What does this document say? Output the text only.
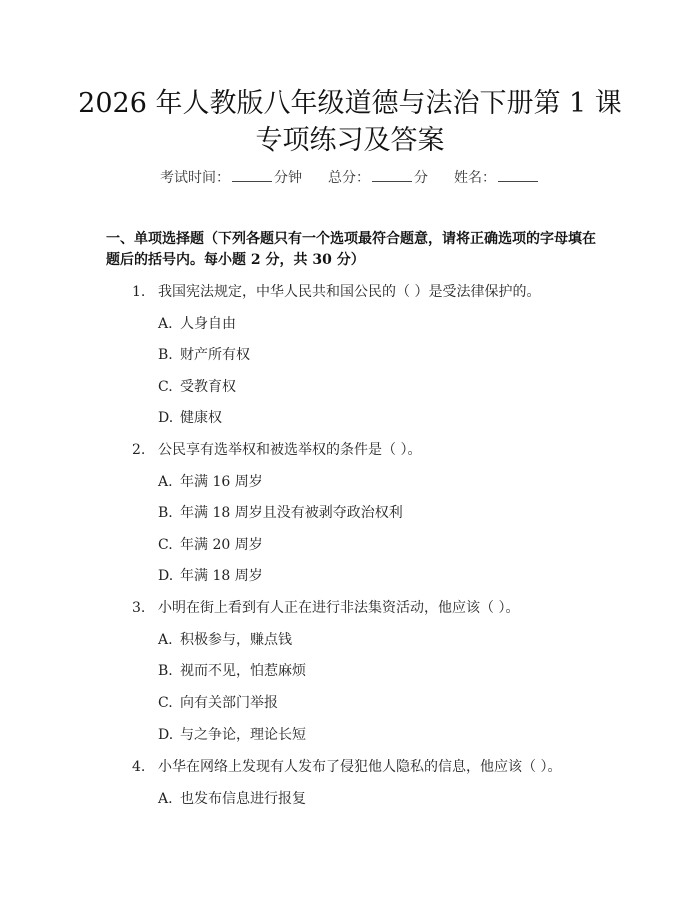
2026 年人教版八年级道德与法治下册第 1 课
专项练习及答案
考试时间：	分钟 总分：	分 姓名：
一、单项选择题（下列各题只有一个选项最符合题意，请将正确选项的字母填在
题后的括号内。每小题 2 分，共 30 分）
1. 我国宪法规定，中华人民共和国公民的（ ）是受法律保护的。
A. 人身自由
B. 财产所有权
C. 受教育权
D. 健康权
2. 公民享有选举权和被选举权的条件是（ ）。
A. 年满 16 周岁
B. 年满 18 周岁且没有被剥夺政治权利
C. 年满 20 周岁
D. 年满 18 周岁
3. 小明在街上看到有人正在进行非法集资活动，他应该（ ）。
A. 积极参与，赚点钱
B. 视而不见，怕惹麻烦
C. 向有关部门举报
D. 与之争论，理论长短
4. 小华在网络上发现有人发布了侵犯他人隐私的信息，他应该（ ）。
A. 也发布信息进行报复
